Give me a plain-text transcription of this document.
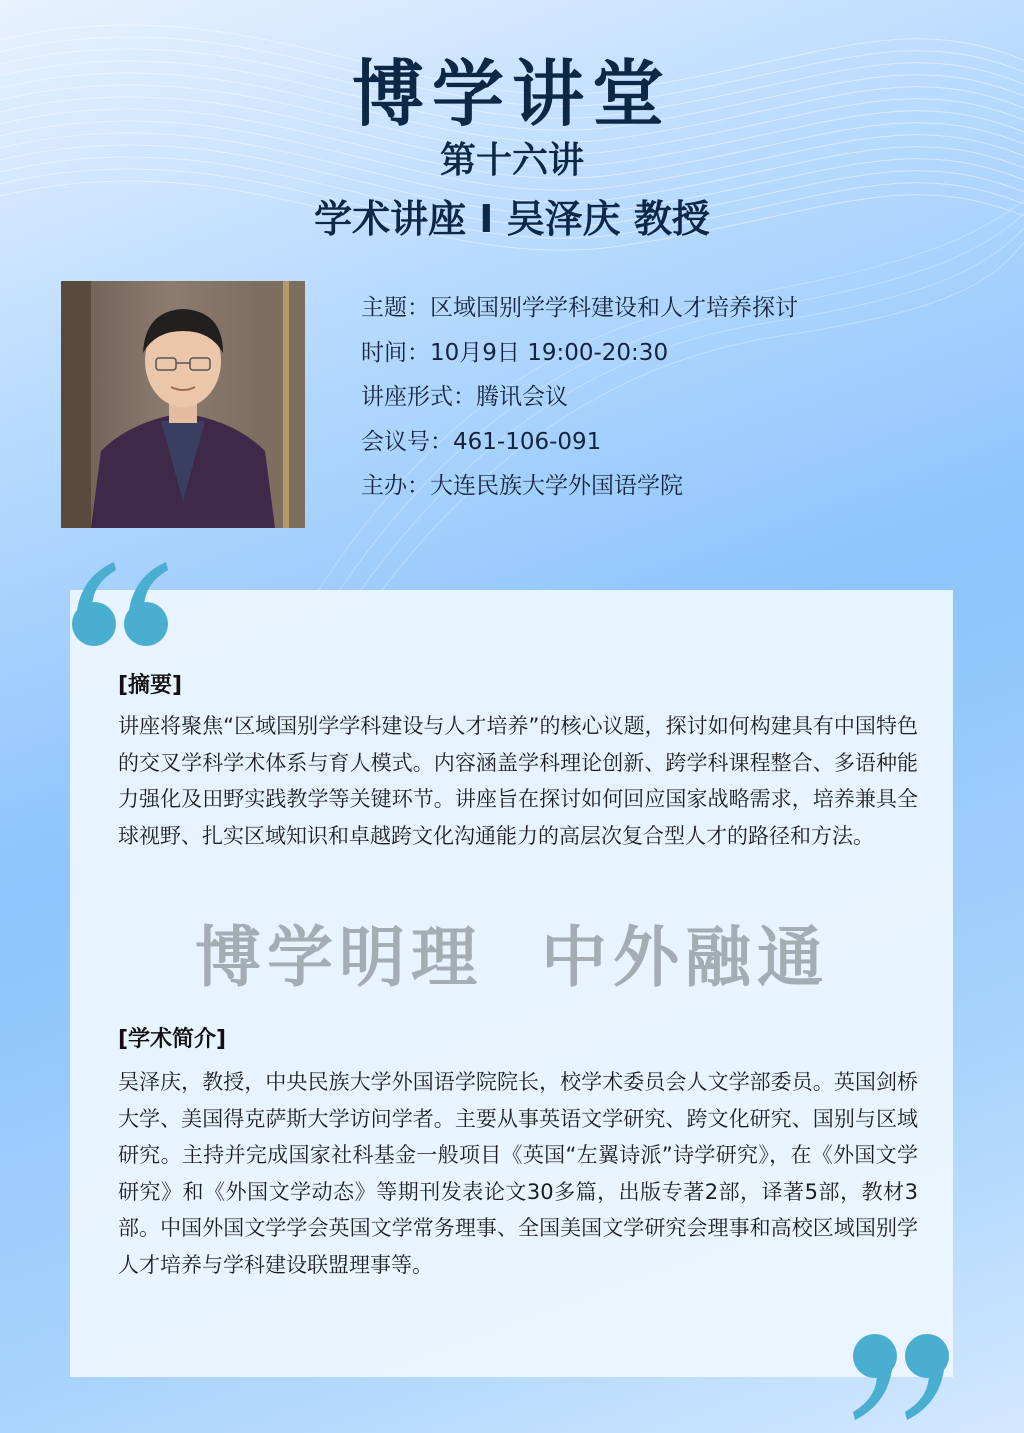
博学讲堂
第十六讲
学术讲座 I 吴泽庆 教授
主题：区域国别学学科建设和人才培养探讨
时间：10月9日 19:00-20:30
讲座形式：腾讯会议
会议号：461-106-091
主办：大连民族大学外国语学院
[摘要]
讲座将聚焦“区域国别学学科建设与人才培养”的核心议题，探讨如何构建具有中国特色的交叉学科学术体系与育人模式。内容涵盖学科理论创新、跨学科课程整合、多语种能力强化及田野实践教学等关键环节。讲座旨在探讨如何回应国家战略需求，培养兼具全球视野、扎实区域知识和卓越跨文化沟通能力的高层次复合型人才的路径和方法。
博学明理  中外融通
[学术简介]
吴泽庆，教授，中央民族大学外国语学院院长，校学术委员会人文学部委员。英国剑桥大学、美国得克萨斯大学访问学者。主要从事英语文学研究、跨文化研究、国别与区域研究。主持并完成国家社科基金一般项目《英国“左翼诗派”诗学研究》，在《外国文学研究》和《外国文学动态》等期刊发表论文30多篇，出版专著2部，译著5部，教材3部。中国外国文学学会英国文学常务理事、全国美国文学研究会理事和高校区域国别学人才培养与学科建设联盟理事等。
